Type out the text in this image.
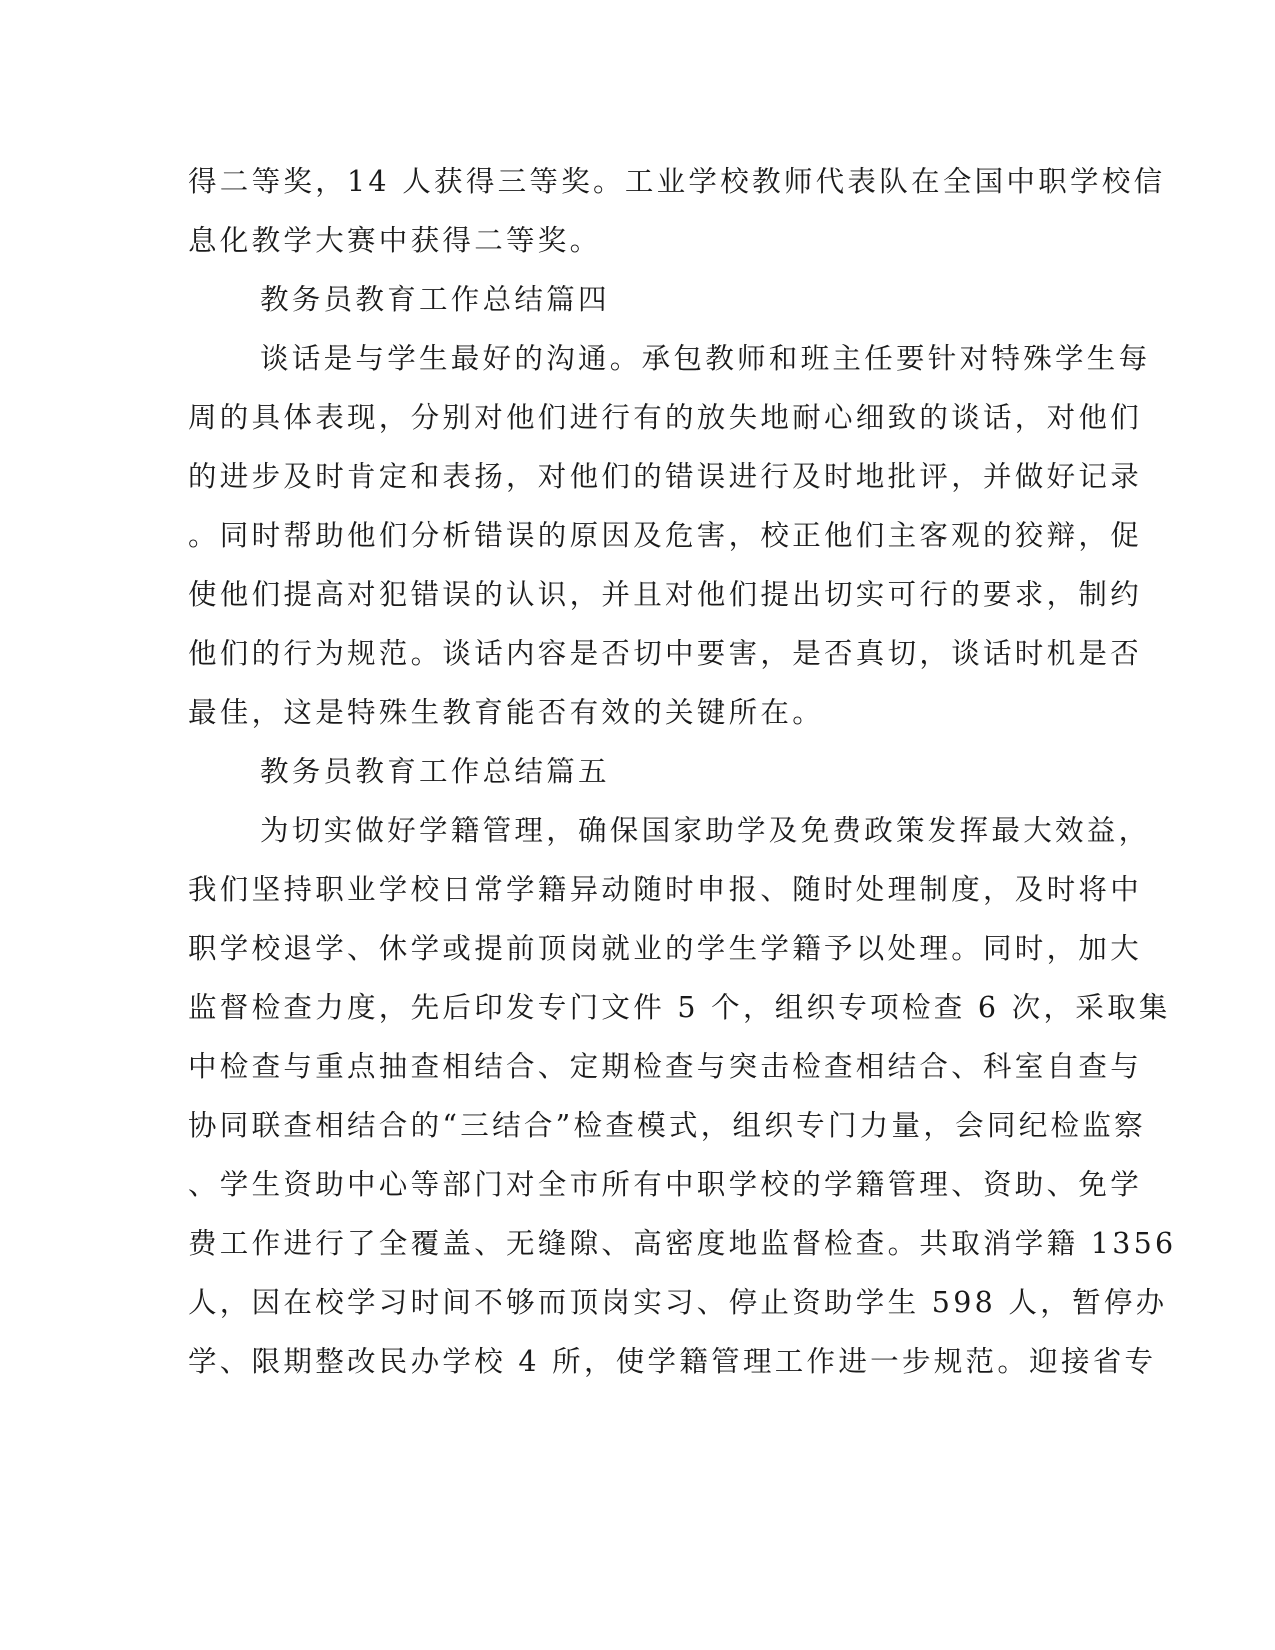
得二等奖，14 人获得三等奖。工业学校教师代表队在全国中职学校信
息化教学大赛中获得二等奖。
教务员教育工作总结篇四
谈话是与学生最好的沟通。承包教师和班主任要针对特殊学生每
周的具体表现，分别对他们进行有的放失地耐心细致的谈话，对他们
的进步及时肯定和表扬，对他们的错误进行及时地批评，并做好记录
。同时帮助他们分析错误的原因及危害，校正他们主客观的狡辩，促
使他们提高对犯错误的认识，并且对他们提出切实可行的要求，制约
他们的行为规范。谈话内容是否切中要害，是否真切，谈话时机是否
最佳，这是特殊生教育能否有效的关键所在。
教务员教育工作总结篇五
为切实做好学籍管理，确保国家助学及免费政策发挥最大效益，
我们坚持职业学校日常学籍异动随时申报、随时处理制度，及时将中
职学校退学、休学或提前顶岗就业的学生学籍予以处理。同时，加大
监督检查力度，先后印发专门文件 5 个，组织专项检查 6 次，采取集
中检查与重点抽查相结合、定期检查与突击检查相结合、科室自查与
协同联查相结合的“三结合”检查模式，组织专门力量，会同纪检监察
、学生资助中心等部门对全市所有中职学校的学籍管理、资助、免学
费工作进行了全覆盖、无缝隙、高密度地监督检查。共取消学籍 1356
人，因在校学习时间不够而顶岗实习、停止资助学生 598 人，暂停办
学、限期整改民办学校 4 所，使学籍管理工作进一步规范。迎接省专
